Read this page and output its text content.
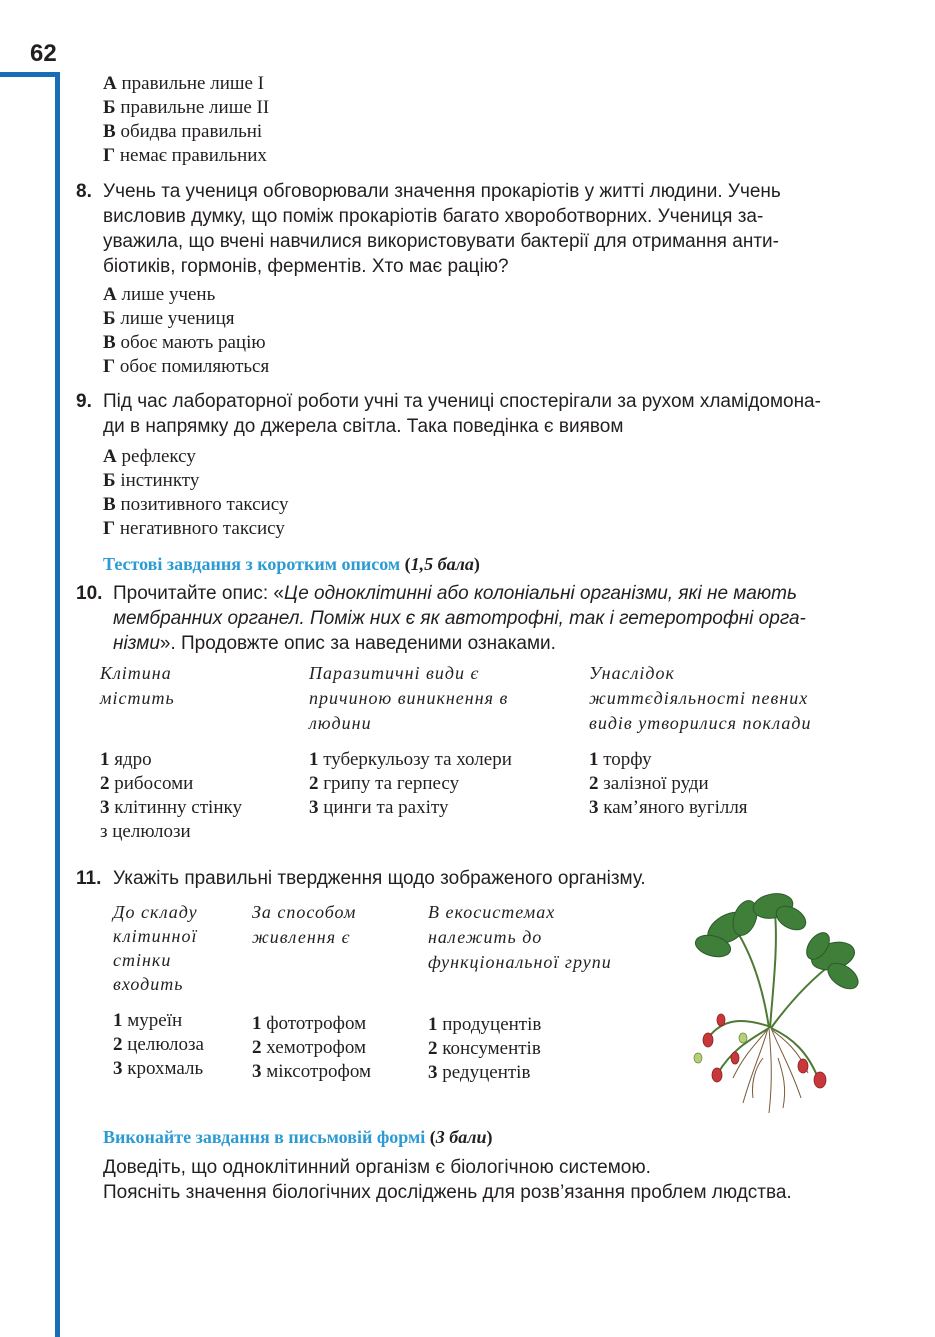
62
А правильне лише І
Б правильне лише ІІ
В обидва правильні
Г немає правильних
8. Учень та учениця обговорювали значення прокаріотів у житті людини. Учень
висловив думку, що поміж прокаріотів багато хвороботворних. Учениця за-
уважила, що вчені навчилися використовувати бактерії для отримання анти-
біотиків, гормонів, ферментів. Хто має рацію?
А лише учень
Б лише учениця
В обоє мають рацію
Г обоє помиляються
9. Під час лабораторної роботи учні та учениці спостерігали за рухом хламідомона-
ди в напрямку до джерела світла. Така поведінка є виявом
А рефлексу
Б інстинкту
В позитивного таксису
Г негативного таксису
Тестові завдання з коротким описом (1,5 бала)
10. Прочитайте опис: «Це одноклітинні або колоніальні організми, які не мають
мембранних органел. Поміж них є як автотрофні, так і гетеротрофні орга-
нізми». Продовжте опис за наведеними ознаками.
Клітина
містить
Паразитичні види є
причиною виникнення в
людини
Унаслідок
життєдіяльності певних
видів утворилися поклади
1 ядро
2 рибосоми
3 клітинну стінку
з целюлози
1 туберкульозу та холери
2 грипу та герпесу
3 цинги та рахіту
1 торфу
2 залізної руди
3 кам’яного вугілля
11. Укажіть правильні твердження щодо зображеного організму.
До складу
клітинної
стінки
входить
За способом
живлення є
В екосистемах
належить до
функціональної групи
1 муреїн
2 целюлоза
3 крохмаль
1 фототрофом
2 хемотрофом
3 міксотрофом
1 продуцентів
2 консументів
3 редуцентів
Виконайте завдання в письмовій формі (3 бали)
Доведіть, що одноклітинний організм є біологічною системою.
Поясніть значення біологічних досліджень для розв’язання проблем людства.
